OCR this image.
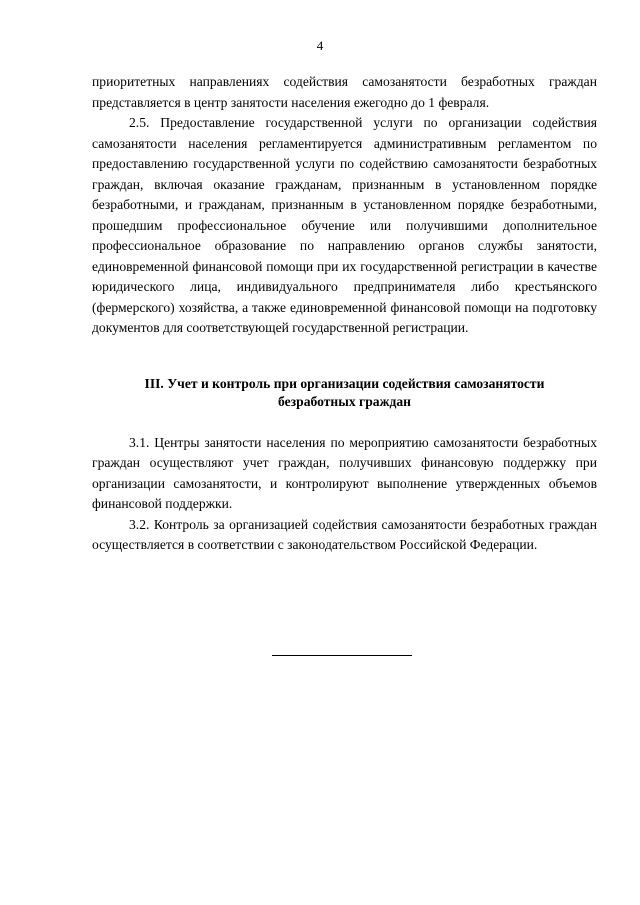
4

приоритетных направлениях содействия самозанятости безработных граждан представляется в центр занятости населения ежегодно до 1 февраля.

2.5. Предоставление государственной услуги по организации содействия самозанятости населения регламентируется административным регламентом по предоставлению государственной услуги по содействию самозанятости безработных граждан, включая оказание гражданам, признанным в установленном порядке безработными, и гражданам, признанным в установленном порядке безработными, прошедшим профессиональное обучение или получившими дополнительное профессиональное образование по направлению органов службы занятости, единовременной финансовой помощи при их государственной регистрации в качестве юридического лица, индивидуального предпринимателя либо крестьянского (фермерского) хозяйства, а также единовременной финансовой помощи на подготовку документов для соответствующей государственной регистрации.

III. Учет и контроль при организации содействия самозанятости
безработных граждан

3.1. Центры занятости населения по мероприятию самозанятости безработных граждан осуществляют учет граждан, получивших финансовую поддержку при организации самозанятости, и контролируют выполнение утвержденных объемов финансовой поддержки.

3.2. Контроль за организацией содействия самозанятости безработных граждан осуществляется в соответствии с законодательством Российской Федерации.
